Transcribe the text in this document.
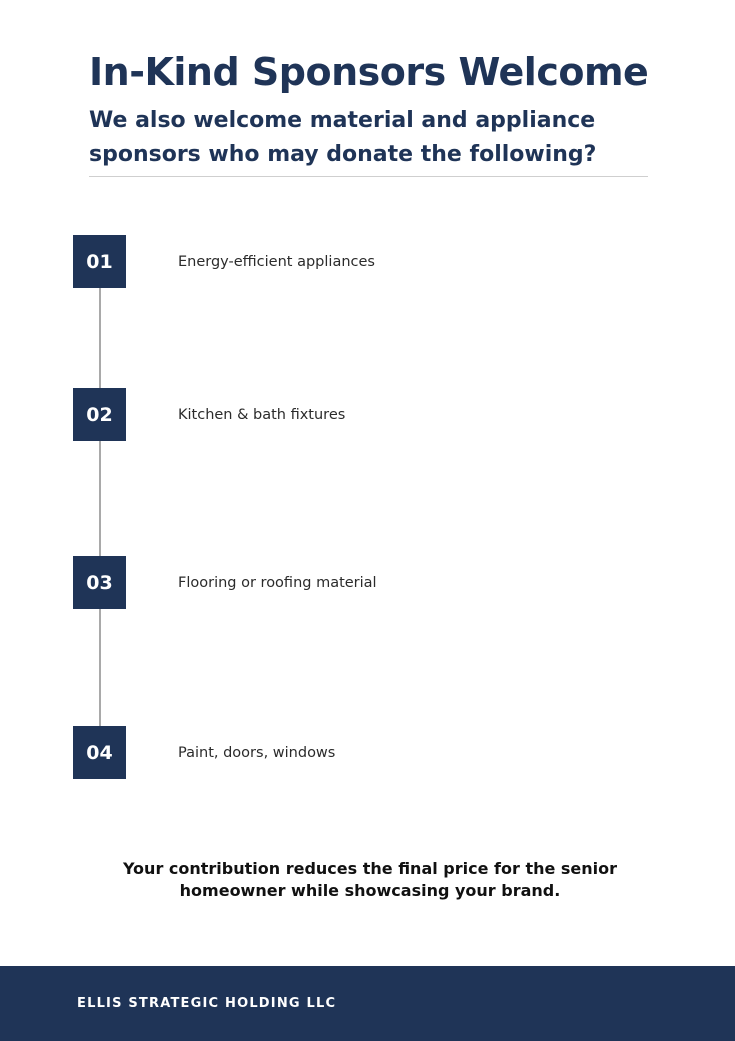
In-Kind Sponsors Welcome
We also welcome material and appliance sponsors who may donate the following?
01	Energy-efficient appliances
02	Kitchen & bath fixtures
03	Flooring or roofing material
04	Paint, doors, windows

Your contribution reduces the final price for the senior homeowner while showcasing your brand.

ELLIS STRATEGIC HOLDING LLC
